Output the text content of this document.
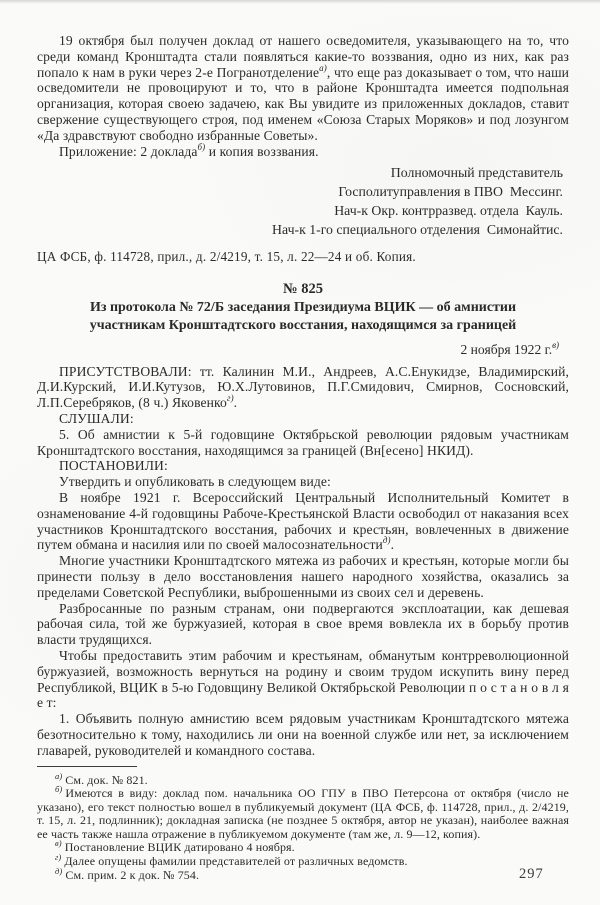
19 октября был получен доклад от нашего осведомителя, указывающего на то, что среди команд Кронштадта стали появляться какие-то воззвания, одно из них, как раз попало к нам в руки через 2-е Погранотделение$^{а)}$, что еще раз доказывает о том, что наши осведомители не провоцируют и то, что в районе Кронштадта имеется подпольная организация, которая своею задачею, как Вы увидите из приложенных докладов, ставит свержение существующего строя, под именем «Союза Старых Моряков» и под лозунгом «Да здравствуют свободно избранные Советы».

Приложение: 2 доклада$^{б)}$ и копия воззвания.

Полномочный представитель
Госполитуправления в ПВО  Мессинг.
Нач-к Окр. контрразвед. отдела  Кауль.
Нач-к 1-го специального отделения  Симонайтис.

ЦА ФСБ, ф. 114728, прил., д. 2/4219, т. 15, л. 22—24 и об. Копия.

№ 825
Из протокола № 72/Б заседания Президиума ВЦИК — об амнистии участникам Кронштадтского восстания, находящимся за границей

2 ноября 1922 г.$^{в)}$

ПРИСУТСТВОВАЛИ: тт. Калинин М.И., Андреев, А.С.Енукидзе, Владимирский, Д.И.Курский, И.И.Кутузов, Ю.Х.Лутовинов, П.Г.Смидович, Смирнов, Сосновский, Л.П.Серебряков, (8 ч.) Яковенко$^{г)}$.

СЛУШАЛИ:

5. Об амнистии к 5-й годовщине Октябрьской революции рядовым участникам Кронштадтского восстания, находящимся за границей (Вн[есено] НКИД).

ПОСТАНОВИЛИ:

Утвердить и опубликовать в следующем виде:

В ноябре 1921 г. Всероссийский Центральный Исполнительный Комитет в ознаменование 4-й годовщины Рабоче-Крестьянской Власти освободил от наказания всех участников Кронштадтского восстания, рабочих и крестьян, вовлеченных в движение путем обмана и насилия или по своей малосознательности$^{д)}$.

Многие участники Кронштадтского мятежа из рабочих и крестьян, которые могли бы принести пользу в дело восстановления нашего народного хозяйства, оказались за пределами Советской Республики, выброшенными из своих сел и деревень.

Разбросанные по разным странам, они подвергаются эксплоатации, как дешевая рабочая сила, той же буржуазией, которая в свое время вовлекла их в борьбу против власти трудящихся.

Чтобы предоставить этим рабочим и крестьянам, обманутым контрреволюционной буржуазией, возможность вернуться на родину и своим трудом искупить вину перед Республикой, ВЦИК в 5-ю Годовщину Великой Октябрьской Революции п о с т а н о в л я е т:

1. Объявить полную амнистию всем рядовым участникам Кронштадтского мятежа безотносительно к тому, находились ли они на военной службе или нет, за исключением главарей, руководителей и командного состава.

$^{а)}$ См. док. № 821.

$^{б)}$ Имеются в виду: доклад пом. начальника ОО ГПУ в ПВО Петерсона от октября (число не указано), его текст полностью вошел в публикуемый документ (ЦА ФСБ, ф. 114728, прил., д. 2/4219, т. 15, л. 21, подлинник); докладная записка (не позднее 5 октября, автор не указан), наиболее важная ее часть также нашла отражение в публикуемом документе (там же, л. 9—12, копия).

$^{в)}$ Постановление ВЦИК датировано 4 ноября.

$^{г)}$ Далее опущены фамилии представителей от различных ведомств.

$^{д)}$ См. прим. 2 к док. № 754.	297
